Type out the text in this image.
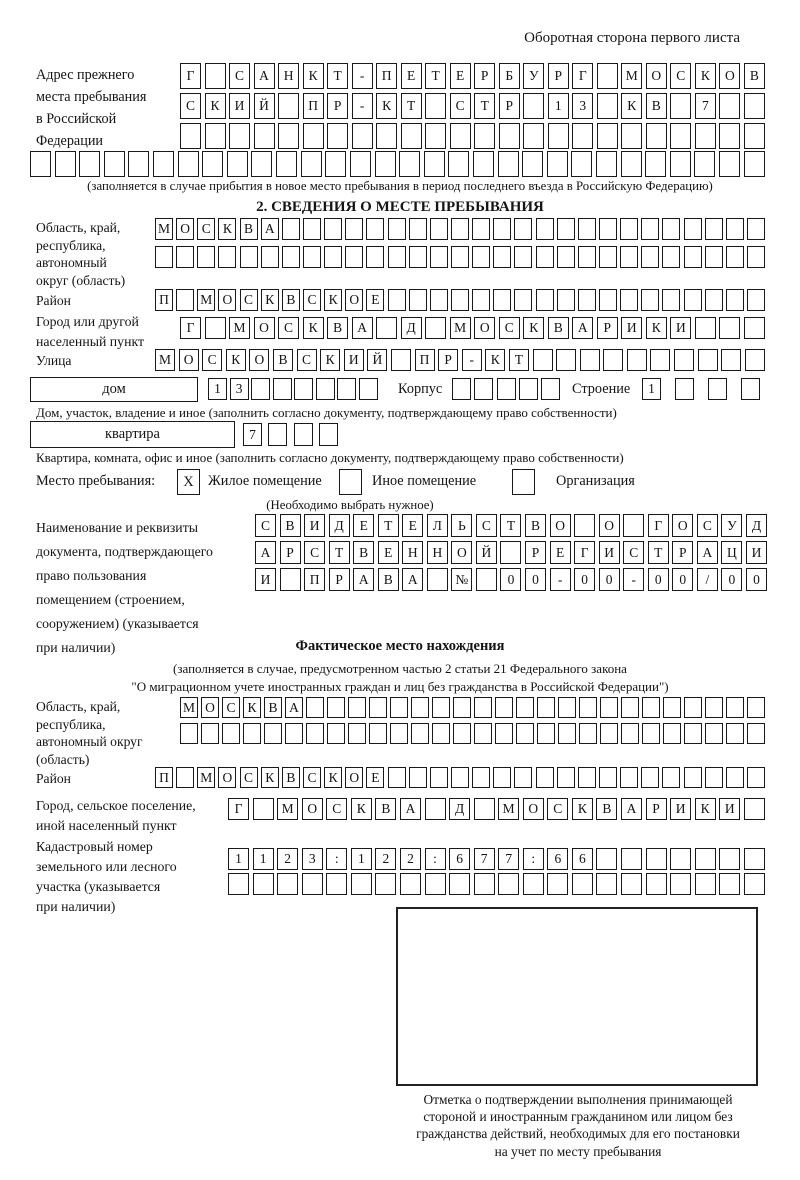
Оборотная сторона первого листа
Адрес прежнего
места пребывания
в Российской
Федерации
Г	С	А	Н	К	Т	-	П	Е	Т	Е	Р	Б	У	Р	Г	М	О	С	К	О	В
С	К	И	Й	П	Р	-	К	Т	С	Т	Р	1	3	К	В	7
(заполняется в случае прибытия в новое место пребывания в период последнего въезда в Российскую Федерацию)
2. СВЕДЕНИЯ О МЕСТЕ ПРЕБЫВАНИЯ
Область, край,
республика,
автономный
округ (область)
М О С К В А
Район	П	М О С К В С К О Е
Город или другой
населенный пункт
Г	М	О	С	К	В	А	Д	М	О	С	К	В	А	Р	И	К	И
Улица	М О	С	К	О	В	С	К	И	Й	П	Р	-	К	Т
дом	1	3	Корпус	Строение	1
Дом, участок, владение и иное (заполнить согласно документу, подтверждающему право собственности)
квартира	7
Квартира, комната, офис и иное (заполнить согласно документу, подтверждающему право собственности)
Место пребывания:	X Жилое помещение	Иное помещение	Организация
(Необходимо выбрать нужное)
Наименование и реквизиты
документа, подтверждающего
право пользования
помещением (строением,
сооружением) (указывается
при наличии)
С	В	И	Д	Е	Т	Е	Л	Ь	С	Т	В	О	О	Г	О	С	У	Д
А	Р	С	Т	В	Е	Н	Н	О	Й	Р	Е	Г	И	С	Т	Р	А	Ц	И
И	П	Р	А	В	А	№	0	0	-	0	0	-	0	0	/	0	0
Фактическое место нахождения
(заполняется в случае, предусмотренном частью 2 статьи 21 Федерального закона
"О миграционном учете иностранных граждан и лиц без гражданства в Российской Федерации")
Область, край,
республика,
автономный округ
(область)
М О С К В А
Район	П	М О С К В С К О Е
Город, сельское поселение,
иной населенный пункт
Г	М	О	С	К	В	А	Д	М	О	С	К	В	А	Р	И	К	И
Кадастровый номер
земельного или лесного
участка (указывается
при наличии)
1	1	2	3	:	1	2	2	:	6	7	7	:	6	6
Отметка о подтверждении выполнения принимающей
стороной и иностранным гражданином или лицом без
гражданства действий, необходимых для его постановки
на учет по месту пребывания
